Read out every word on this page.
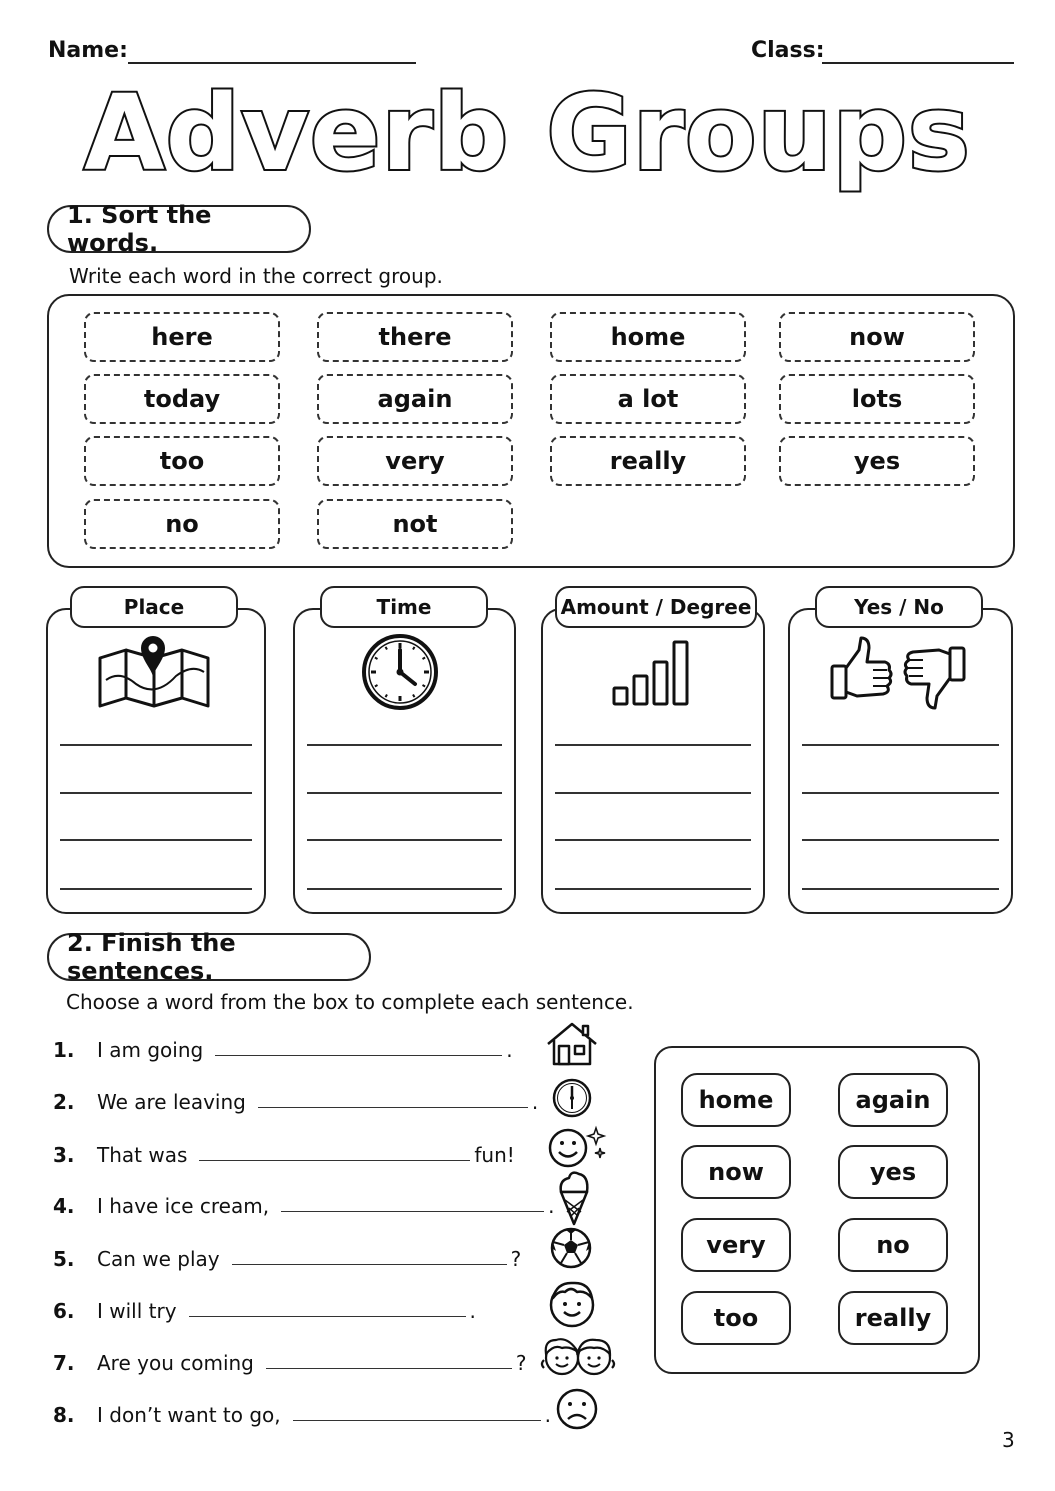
Name:	Class:
Adverb Groups
1. Sort the words.
Write each word in the correct group.
here	there	home	now
today	again	a lot	lots
too	very	really	yes
no	not
Place	Time	Amount / Degree	Yes / No
2. Finish the sentences.
Choose a word from the box to complete each sentence.
1.	I am going	.
2.	We are leaving	.
3.	That was	fun!
4.	I have ice cream,	.
5.	Can we play	?
6.	I will try	.
7.	Are you coming	?
8.	I don’t want to go,	.
home	again
now	yes
very	no
too	really
3
